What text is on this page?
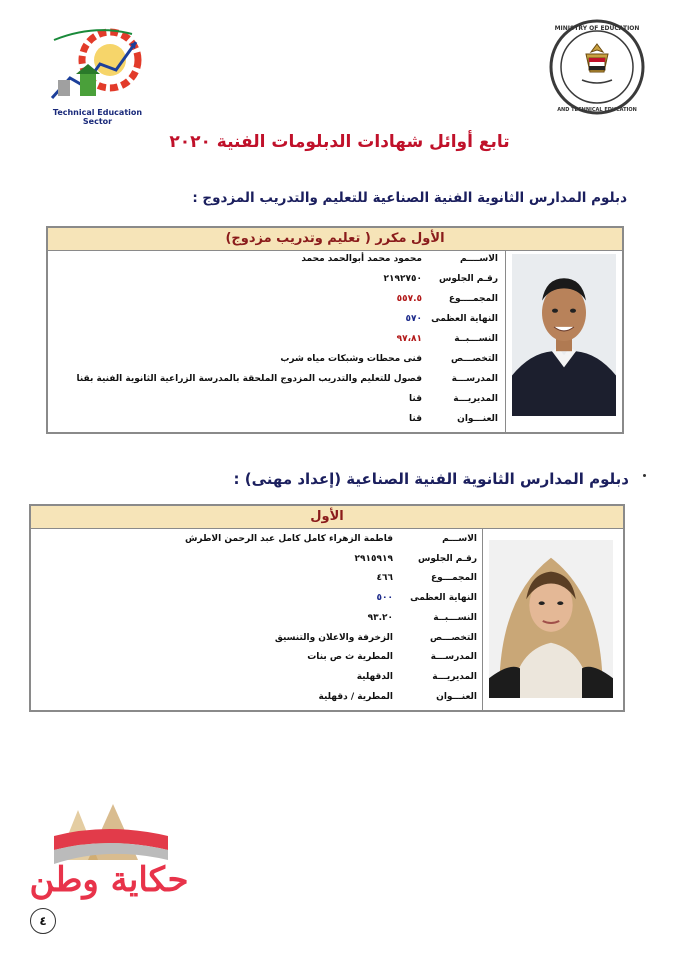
MINISTRY OF EDUCATION
AND TECHNICAL EDUCATION
Technical Education Sector
تابع أوائل شهادات الدبلومات الفنية ٢٠٢٠
دبلوم المدارس الثانوية الفنية الصناعية للتعليم والتدريب المزدوج :
الأول مكرر ( تعليم وتدريب مزدوج)
الاســــم
محمود محمد أبوالحمد محمد
رقـم الجلوس
٢١٩٢٧٥٠
المجمــــوع
٥٥٧.٥
النهاية العظمى
٥٧٠
النســـبــة
٩٧،٨١
التخصـــص
فنى محطات وشبكات مياه شرب
المدرســـة
فصول للتعليم والتدريب المزدوج الملحقة بالمدرسة الزراعية الثانوية الفنية بقنا
المديريـــة
قنا
العنـــوان
قنا
دبلوم المدارس الثانوية الفنية الصناعية (إعداد مهنى) :
الأول
الاســـم
فاطمة الزهراء كامل كامل عبد الرحمن الاطرش
رقـم الجلوس
٢٩١٥٩١٩
المجمـــوع
٤٦٦
النهاية العظمى
٥٠٠
النســـبــة
٩٣.٢٠
التخصـــص
الزخرفة والاعلان والتنسيق
المدرســـة
المطرية ث ص بنات
المديريـــة
الدقهلية
العنـــوان
المطرية / دقهلية
حكاية وطن
٤
